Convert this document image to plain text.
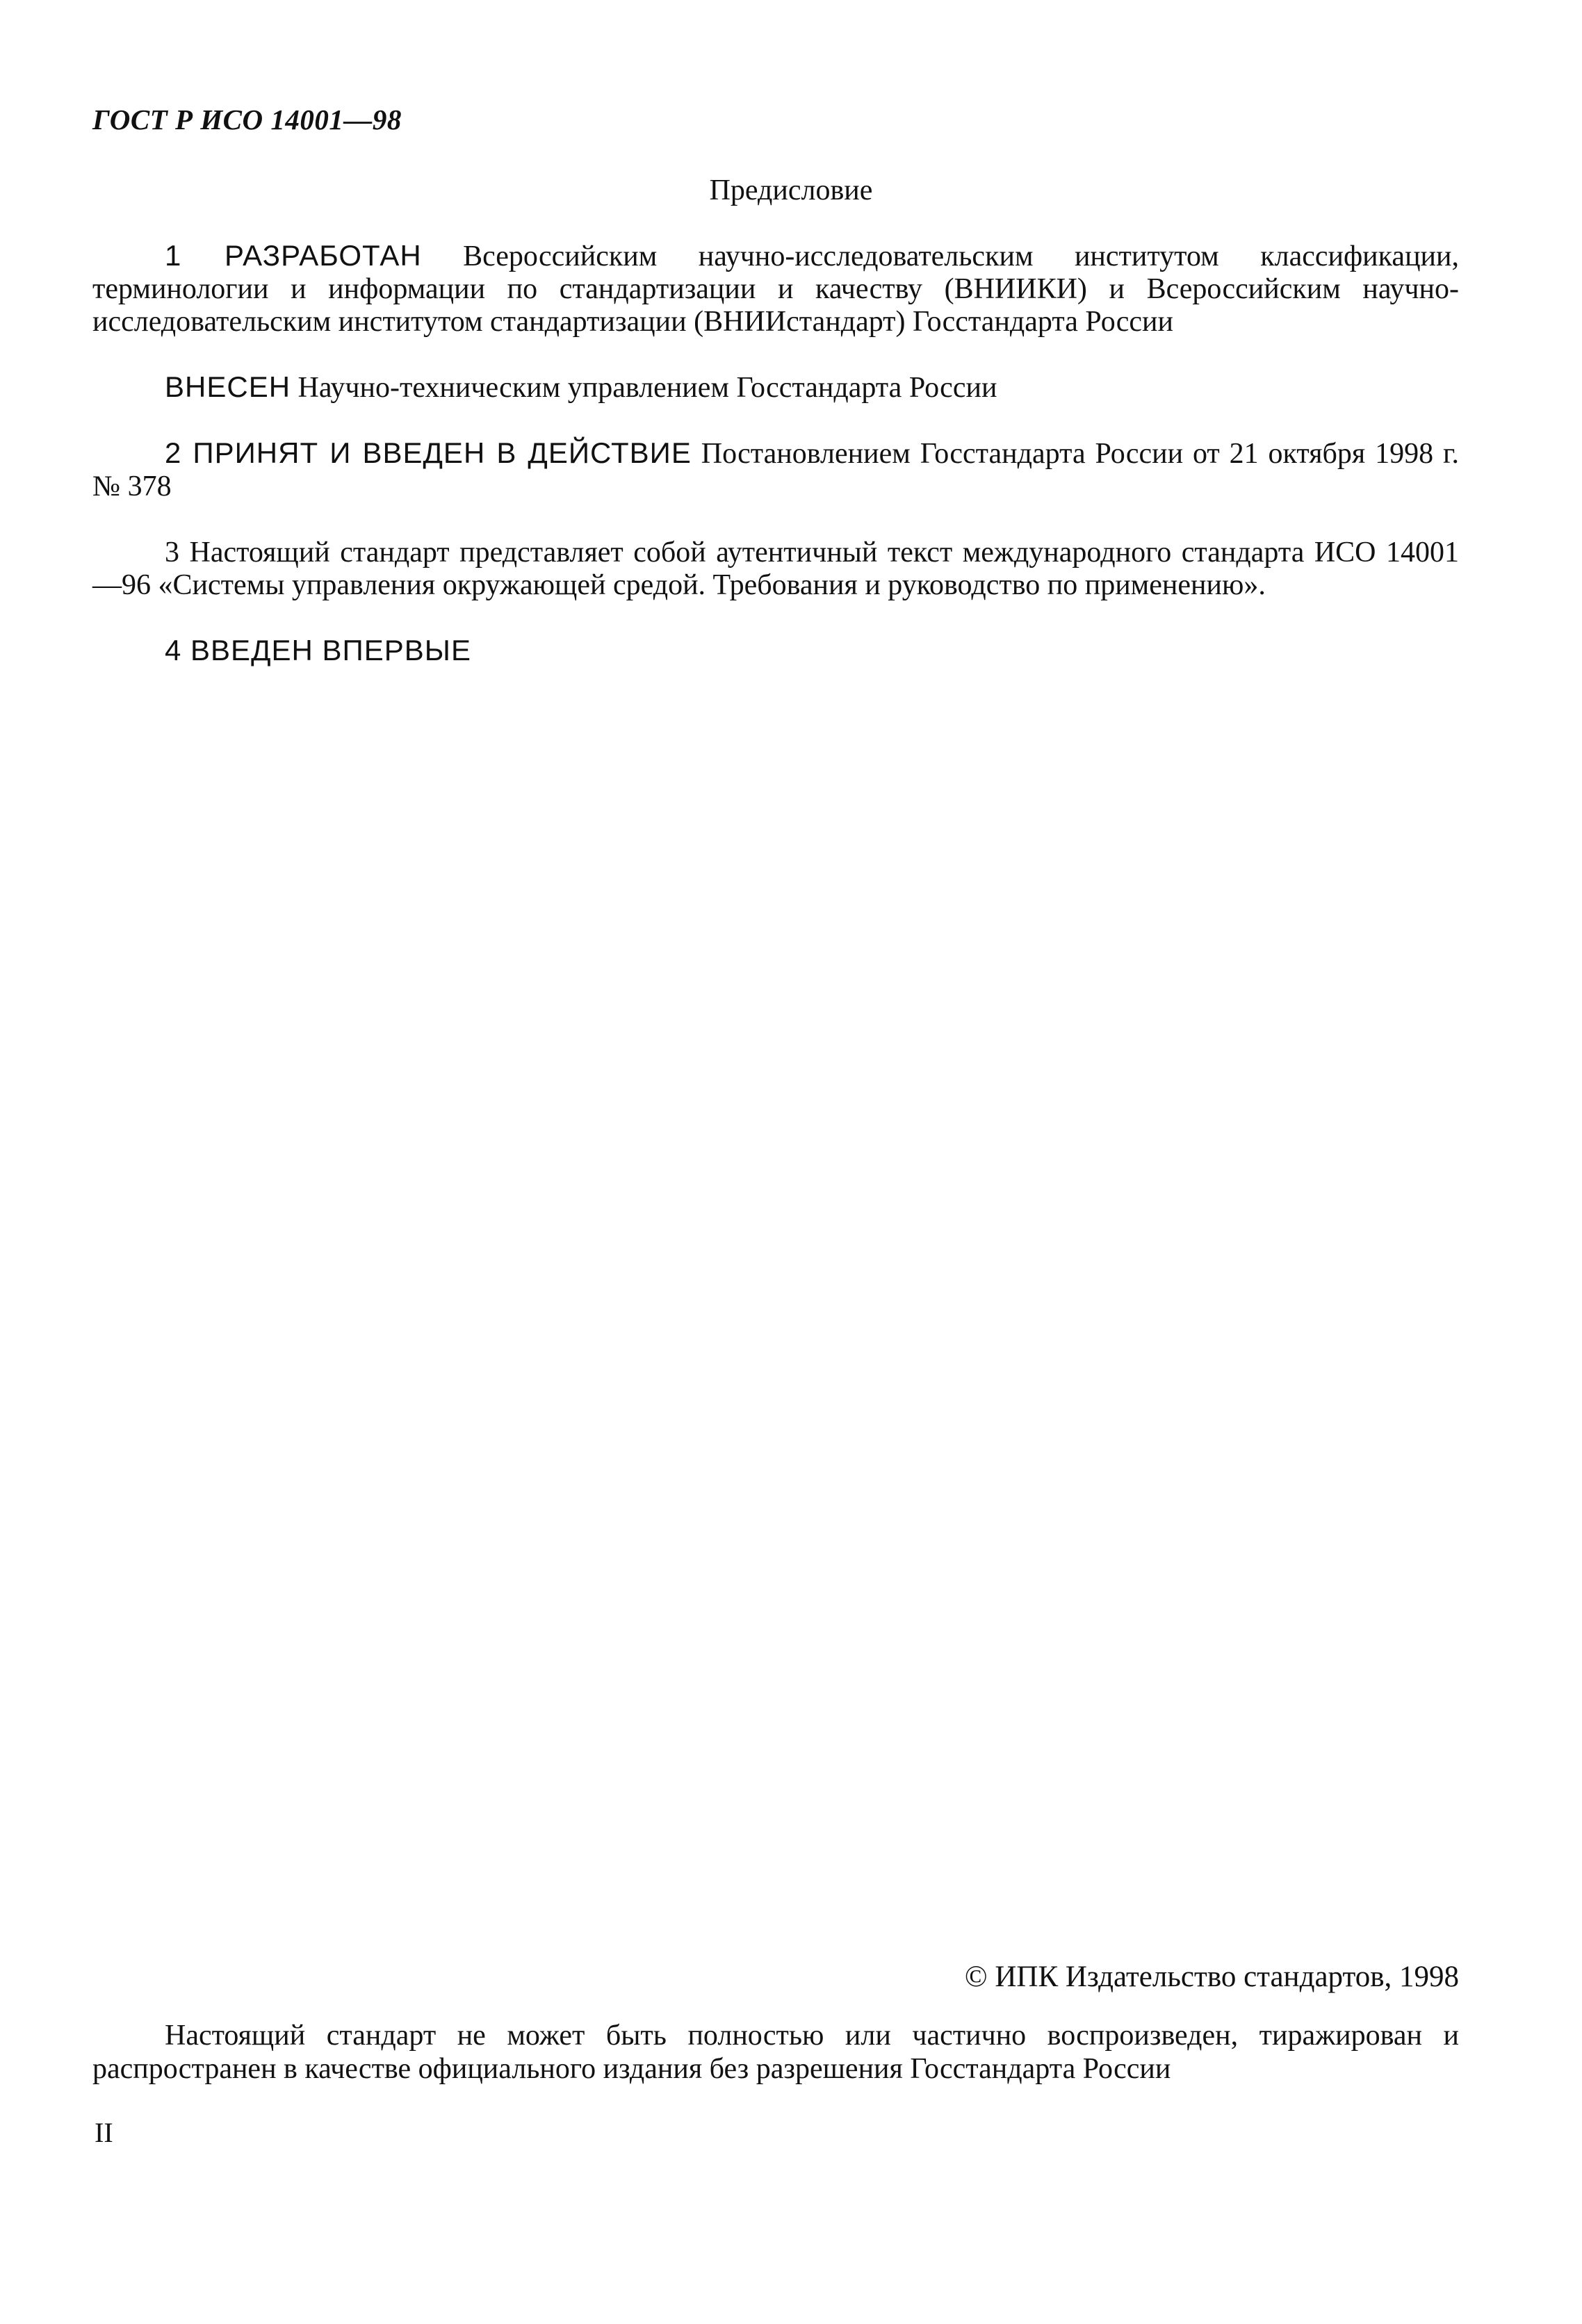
ГОСТ Р ИСО 14001—98
Предисловие

1 РАЗРАБОТАН Всероссийским научно-исследовательским институтом классификации, терминологии и информации по стандартизации и качеству (ВНИИКИ) и Всероссийским научно-исследовательским институтом стандартизации (ВНИИстандарт) Госстандарта России

ВНЕСЕН Научно-техническим управлением Госстандарта России

2 ПРИНЯТ И ВВЕДЕН В ДЕЙСТВИЕ Постановлением Госстандарта России от 21 октября 1998 г. № 378

3 Настоящий стандарт представляет собой аутентичный текст международного стандарта ИСО 14001—96 «Системы управления окружающей средой. Требования и руководство по применению».

4 ВВЕДЕН ВПЕРВЫЕ

© ИПК Издательство стандартов, 1998

Настоящий стандарт не может быть полностью или частично воспроизведен, тиражирован и распространен в качестве официального издания без разрешения Госстандарта России

II
